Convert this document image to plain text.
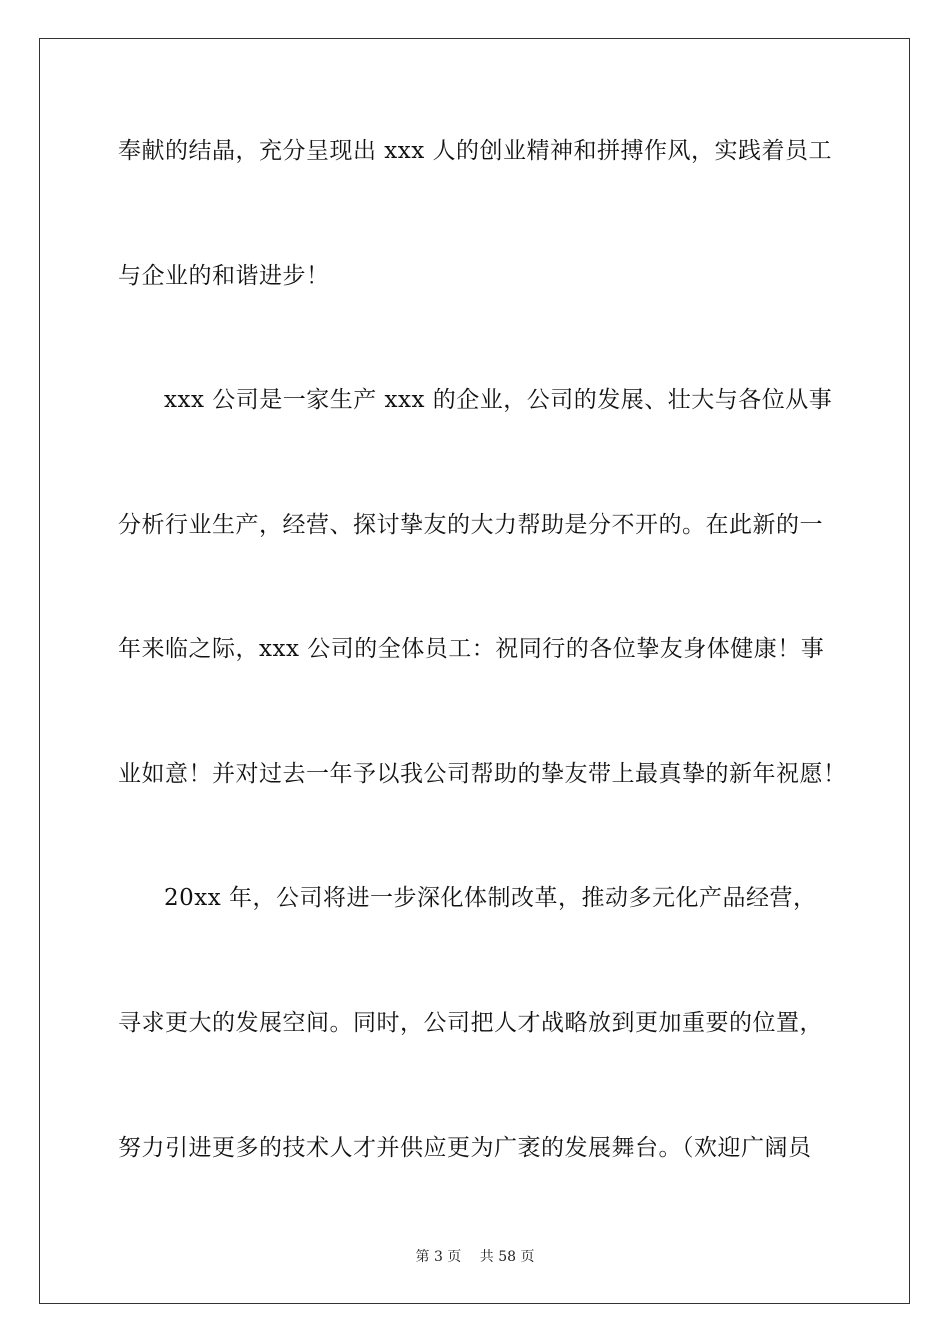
奉献的结晶，充分呈现出 xxx 人的创业精神和拼搏作风，实践着员工
与企业的和谐进步！
xxx 公司是一家生产 xxx 的企业，公司的发展、壮大与各位从事
分析行业生产，经营、探讨挚友的大力帮助是分不开的。在此新的一
年来临之际，xxx 公司的全体员工：祝同行的各位挚友身体健康！事
业如意！并对过去一年予以我公司帮助的挚友带上最真挚的新年祝愿！
20xx 年，公司将进一步深化体制改革，推动多元化产品经营，
寻求更大的发展空间。同时，公司把人才战略放到更加重要的位置，
努力引进更多的技术人才并供应更为广袤的发展舞台。（欢迎广阔员
第 3 页 共 58 页
